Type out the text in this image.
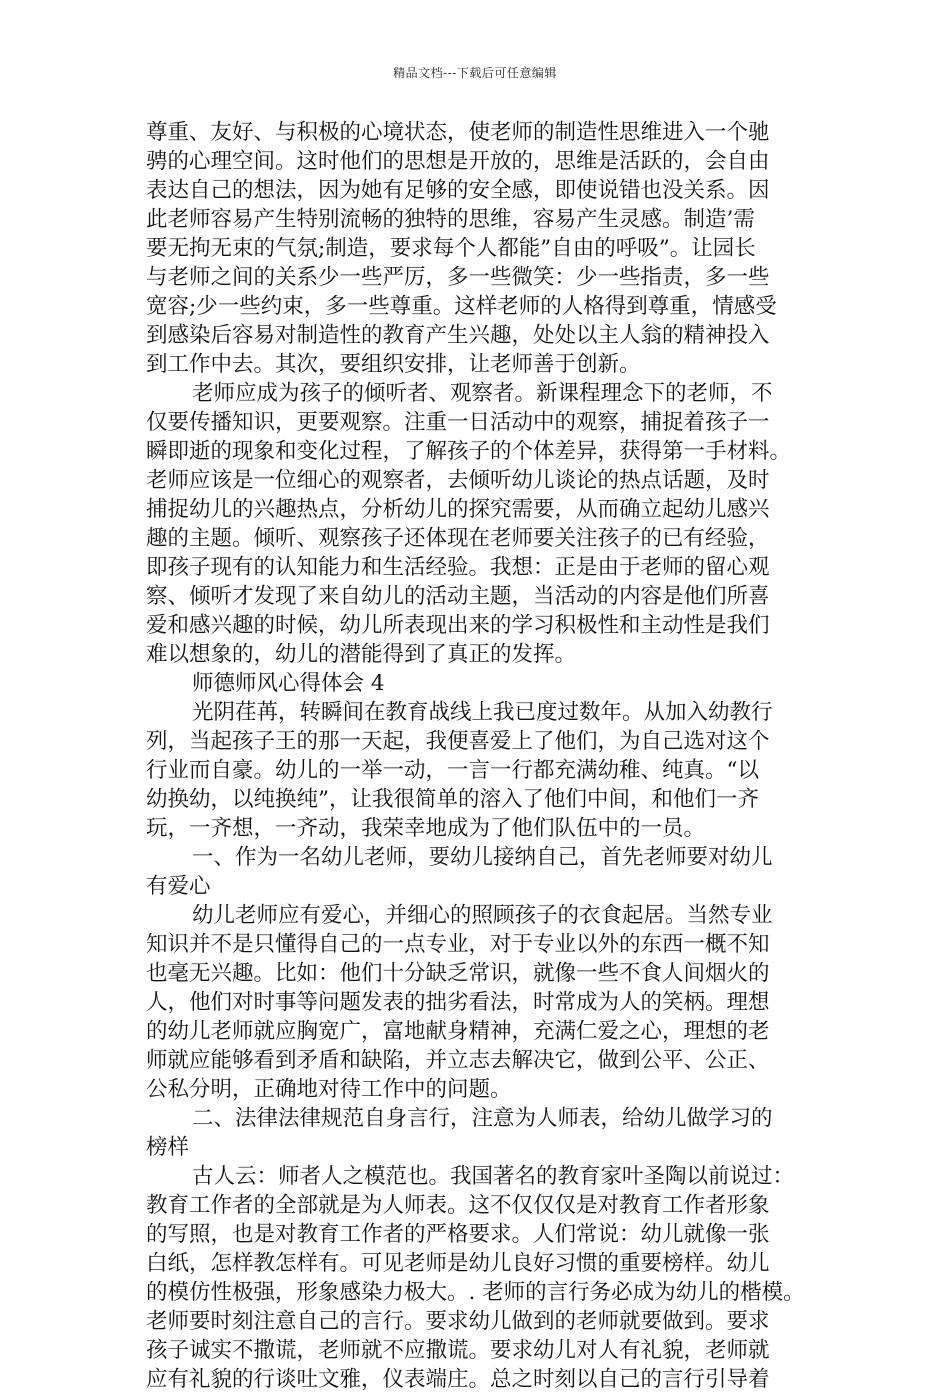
精品文档---下载后可任意编辑
尊重、友好、与积极的心境状态，使老师的制造性思维进入一个驰
骋的心理空间。这时他们的思想是开放的，思维是活跃的，会自由
表达自己的想法，因为她有足够的安全感，即使说错也没关系。因
此老师容易产生特别流畅的独特的思维，容易产生灵感。制造’需
要无拘无束的气氛;制造，要求每个人都能”自由的呼吸”。让园长
与老师之间的关系少一些严厉，多一些微笑：少一些指责，多一些
宽容;少一些约束，多一些尊重。这样老师的人格得到尊重，情感受
到感染后容易对制造性的教育产生兴趣，处处以主人翁的精神投入
到工作中去。其次，要组织安排，让老师善于创新。
老师应成为孩子的倾听者、观察者。新课程理念下的老师，不
仅要传播知识，更要观察。注重一日活动中的观察，捕捉着孩子一
瞬即逝的现象和变化过程，了解孩子的个体差异，获得第一手材料。
老师应该是一位细心的观察者，去倾听幼儿谈论的热点话题，及时
捕捉幼儿的兴趣热点，分析幼儿的探究需要，从而确立起幼儿感兴
趣的主题。倾听、观察孩子还体现在老师要关注孩子的已有经验，
即孩子现有的认知能力和生活经验。我想：正是由于老师的留心观
察、倾听才发现了来自幼儿的活动主题，当活动的内容是他们所喜
爱和感兴趣的时候，幼儿所表现出来的学习积极性和主动性是我们
难以想象的，幼儿的潜能得到了真正的发挥。
师德师风心得体会 4
光阴荏苒，转瞬间在教育战线上我已度过数年。从加入幼教行
列，当起孩子王的那一天起，我便喜爱上了他们，为自己选对这个
行业而自豪。幼儿的一举一动，一言一行都充满幼稚、纯真。“以
幼换幼，以纯换纯”，让我很简单的溶入了他们中间，和他们一齐
玩，一齐想，一齐动，我荣幸地成为了他们队伍中的一员。
一、作为一名幼儿老师，要幼儿接纳自己，首先老师要对幼儿
有爱心
幼儿老师应有爱心，并细心的照顾孩子的衣食起居。当然专业
知识并不是只懂得自己的一点专业，对于专业以外的东西一概不知
也毫无兴趣。比如：他们十分缺乏常识，就像一些不食人间烟火的
人，他们对时事等问题发表的拙劣看法，时常成为人的笑柄。理想
的幼儿老师就应胸宽广，富地献身精神，充满仁爱之心，理想的老
师就应能够看到矛盾和缺陷，并立志去解决它，做到公平、公正、
公私分明，正确地对待工作中的问题。
二、法律法律规范自身言行，注意为人师表，给幼儿做学习的
榜样
古人云：师者人之模范也。我国著名的教育家叶圣陶以前说过：
教育工作者的全部就是为人师表。这不仅仅仅是对教育工作者形象
的写照，也是对教育工作者的严格要求。人们常说：幼儿就像一张
白纸，怎样教怎样有。可见老师是幼儿良好习惯的重要榜样。幼儿
的模仿性极强，形象感染力极大。. 老师的言行务必成为幼儿的楷模。
老师要时刻注意自己的言行。要求幼儿做到的老师就要做到。要求
孩子诚实不撒谎，老师就不应撒谎。要求幼儿对人有礼貌，老师就
应有礼貌的行谈吐文雅，仪表端庄。总之时刻以自己的言行引导着
